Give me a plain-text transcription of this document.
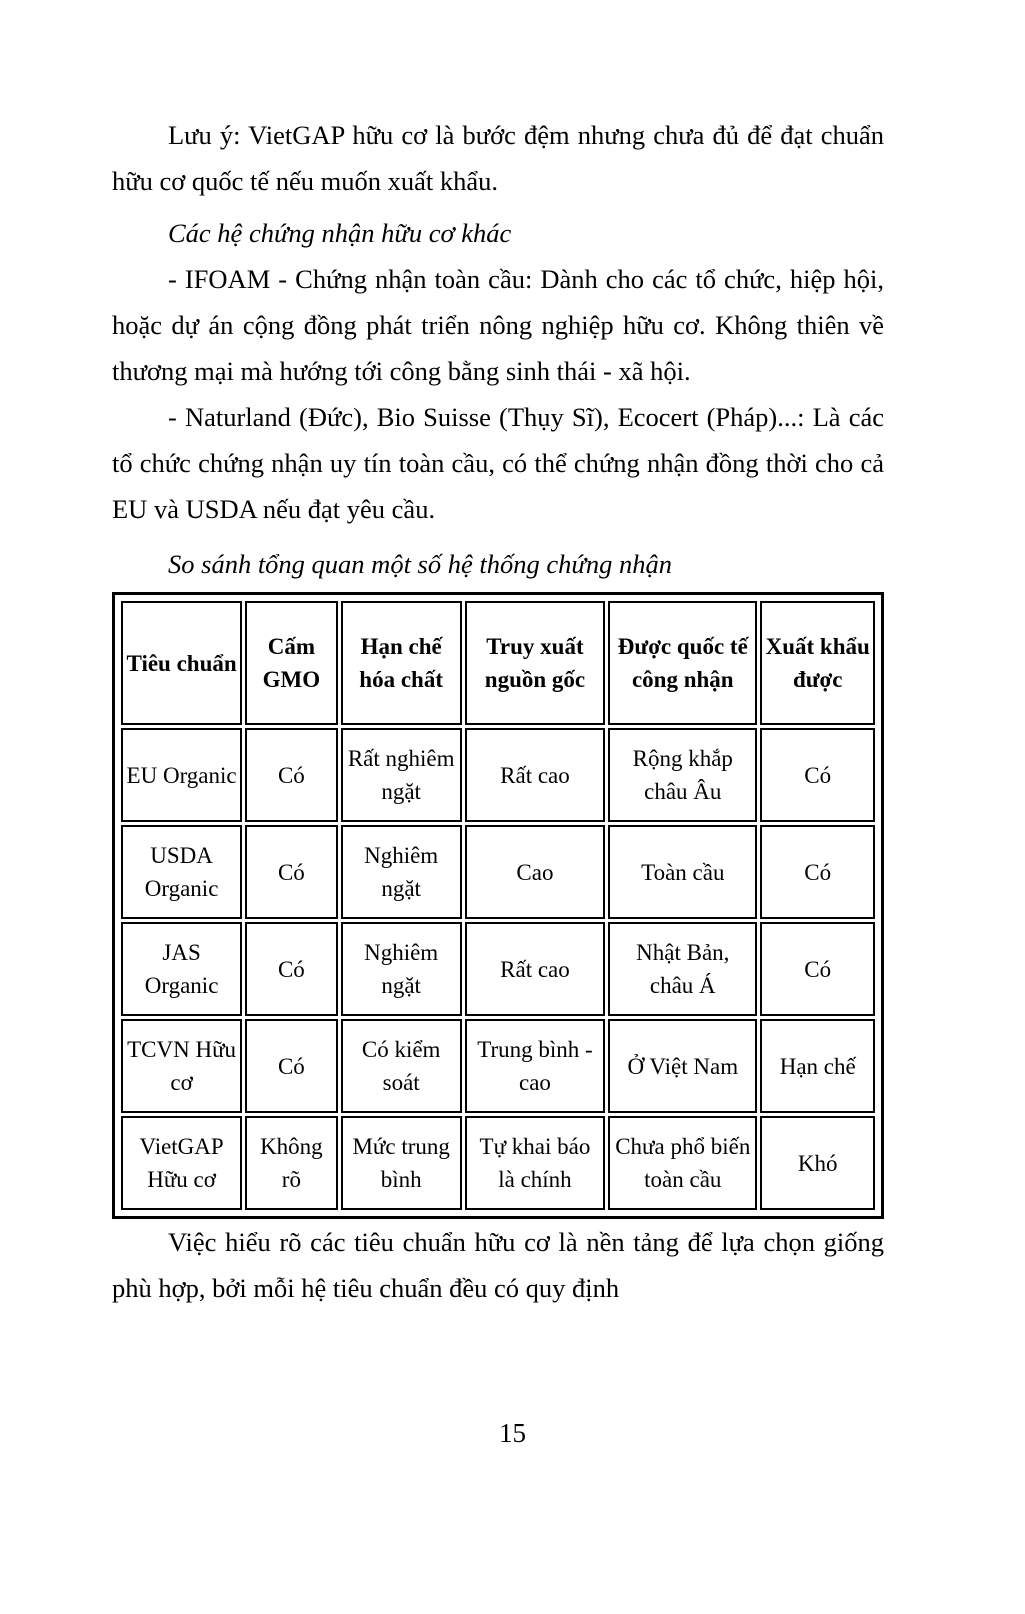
Lưu ý: VietGAP hữu cơ là bước đệm nhưng chưa đủ để đạt chuẩn hữu cơ quốc tế nếu muốn xuất khẩu.

Các hệ chứng nhận hữu cơ khác

- IFOAM - Chứng nhận toàn cầu: Dành cho các tổ chức, hiệp hội, hoặc dự án cộng đồng phát triển nông nghiệp hữu cơ. Không thiên về thương mại mà hướng tới công bằng sinh thái - xã hội.

- Naturland (Đức), Bio Suisse (Thụy Sĩ), Ecocert (Pháp)...: Là các tổ chức chứng nhận uy tín toàn cầu, có thể chứng nhận đồng thời cho cả EU và USDA nếu đạt yêu cầu.

So sánh tổng quan một số hệ thống chứng nhận

Tiêu chuẩn	Cấm GMO	Hạn chế hóa chất	Truy xuất nguồn gốc	Được quốc tế công nhận	Xuất khẩu được
EU Organic	Có	Rất nghiêm ngặt	Rất cao	Rộng khắp châu Âu	Có
USDA Organic	Có	Nghiêm ngặt	Cao	Toàn cầu	Có
JAS Organic	Có	Nghiêm ngặt	Rất cao	Nhật Bản, châu Á	Có
TCVN Hữu cơ	Có	Có kiểm soát	Trung bình - cao	Ở Việt Nam	Hạn chế
VietGAP Hữu cơ	Không rõ	Mức trung bình	Tự khai báo là chính	Chưa phổ biến toàn cầu	Khó

Việc hiểu rõ các tiêu chuẩn hữu cơ là nền tảng để lựa chọn giống phù hợp, bởi mỗi hệ tiêu chuẩn đều có quy định

15
